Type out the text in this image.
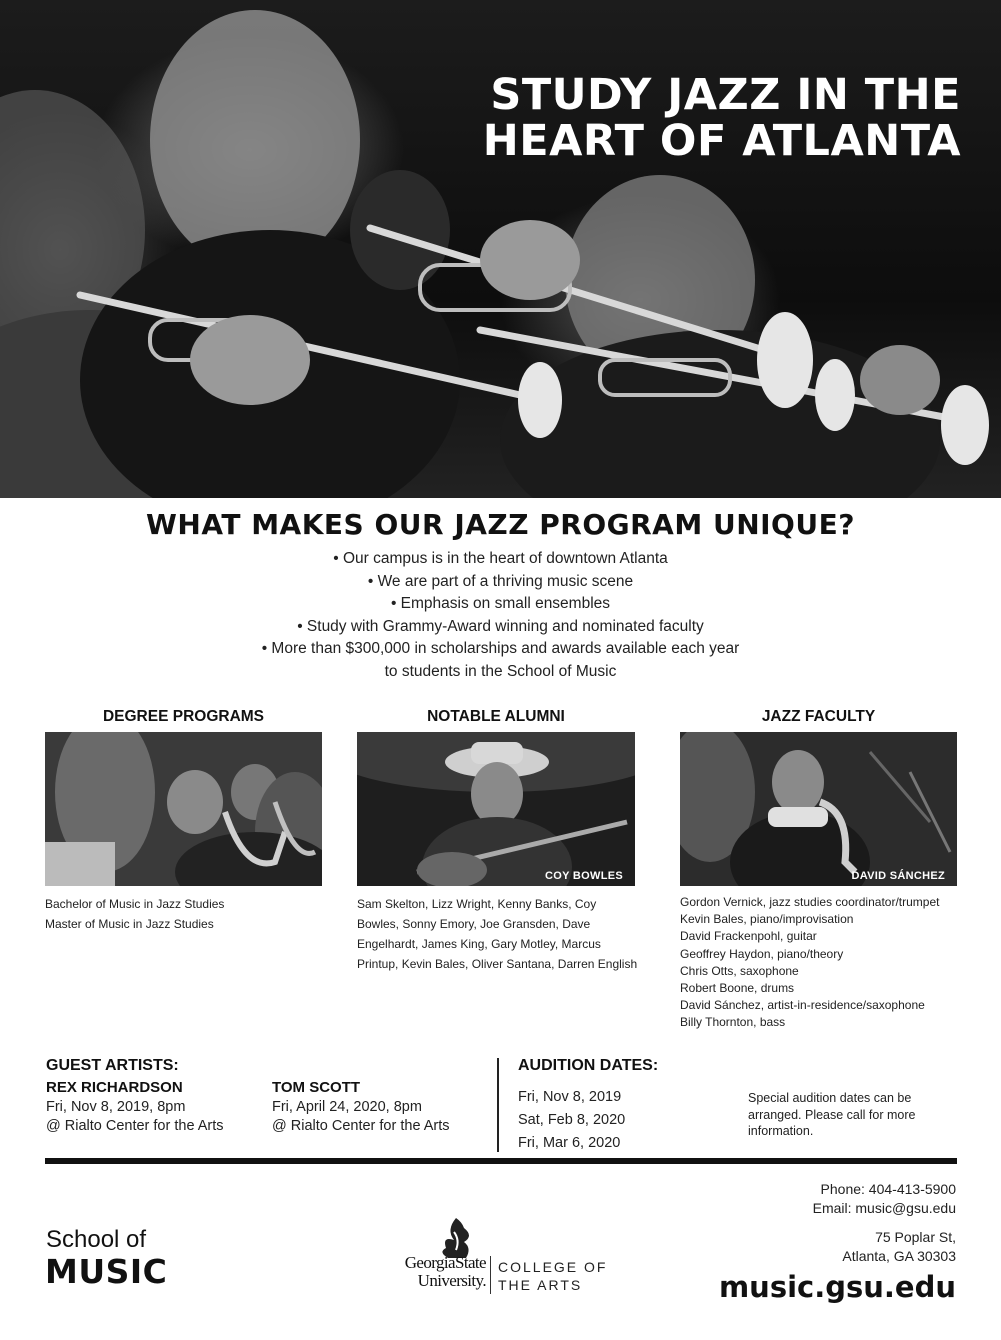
STUDY JAZZ IN THE
HEART OF ATLANTA
WHAT MAKES OUR JAZZ PROGRAM UNIQUE?
• Our campus is in the heart of downtown Atlanta
• We are part of a thriving music scene
• Emphasis on small ensembles
• Study with Grammy-Award winning and nominated faculty
• More than $300,000 in scholarships and awards available each year
to students in the School of Music
DEGREE PROGRAMS
Bachelor of Music in Jazz Studies
Master of Music in Jazz Studies
NOTABLE ALUMNI
COY BOWLES
Sam Skelton, Lizz Wright, Kenny Banks, Coy
Bowles, Sonny Emory, Joe Gransden, Dave
Engelhardt, James King, Gary Motley, Marcus
Printup, Kevin Bales, Oliver Santana, Darren English
JAZZ FACULTY
DAVID SÁNCHEZ
Gordon Vernick, jazz studies coordinator/trumpet
Kevin Bales, piano/improvisation
David Frackenpohl, guitar
Geoffrey Haydon, piano/theory
Chris Otts, saxophone
Robert Boone, drums
David Sánchez, artist-in-residence/saxophone
Billy Thornton, bass
GUEST ARTISTS:
REX RICHARDSON
Fri, Nov 8, 2019, 8pm
@ Rialto Center for the Arts
TOM SCOTT
Fri, April 24, 2020, 8pm
@ Rialto Center for the Arts
AUDITION DATES:
Fri, Nov 8, 2019
Sat, Feb 8, 2020
Fri, Mar 6, 2020
Special audition dates can be arranged. Please call for more information.
School of
MUSIC	GeorgiaState
University.
COLLEGE OF
THE ARTS
Phone: 404-413-5900
Email: music@gsu.edu
75 Poplar St,
Atlanta, GA 30303
music.gsu.edu
